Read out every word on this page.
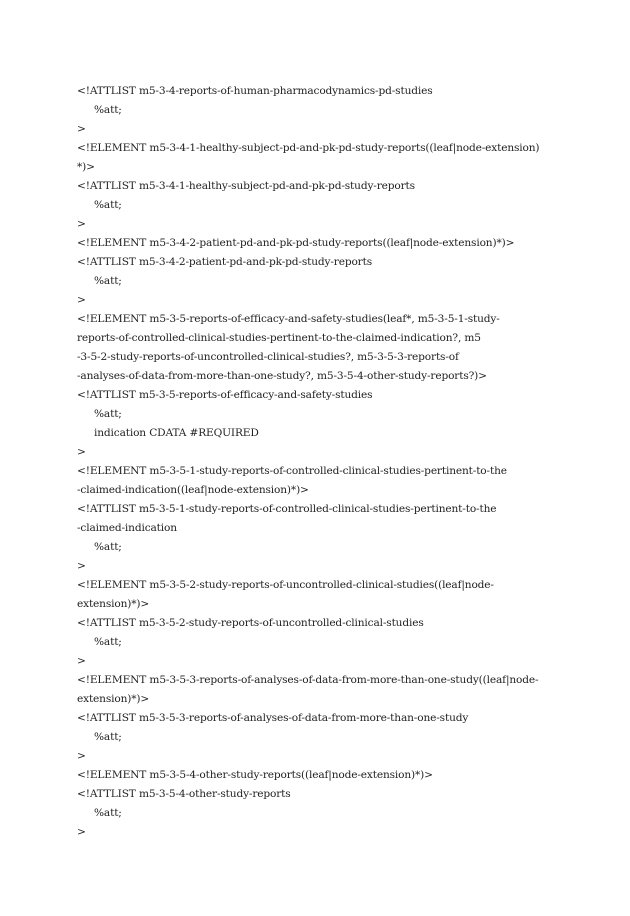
<!ATTLIST m5-3-4-reports-of-human-pharmacodynamics-pd-studies
%att;
>
<!ELEMENT m5-3-4-1-healthy-subject-pd-and-pk-pd-study-reports((leaf|node-extension)
*)>
<!ATTLIST m5-3-4-1-healthy-subject-pd-and-pk-pd-study-reports
%att;
>
<!ELEMENT m5-3-4-2-patient-pd-and-pk-pd-study-reports((leaf|node-extension)*)>
<!ATTLIST m5-3-4-2-patient-pd-and-pk-pd-study-reports
%att;
>
<!ELEMENT m5-3-5-reports-of-efficacy-and-safety-studies(leaf*, m5-3-5-1-study-
reports-of-controlled-clinical-studies-pertinent-to-the-claimed-indication?, m5
-3-5-2-study-reports-of-uncontrolled-clinical-studies?, m5-3-5-3-reports-of
-analyses-of-data-from-more-than-one-study?, m5-3-5-4-other-study-reports?)>
<!ATTLIST m5-3-5-reports-of-efficacy-and-safety-studies
%att;
indication CDATA #REQUIRED
>
<!ELEMENT m5-3-5-1-study-reports-of-controlled-clinical-studies-pertinent-to-the
-claimed-indication((leaf|node-extension)*)>
<!ATTLIST m5-3-5-1-study-reports-of-controlled-clinical-studies-pertinent-to-the
-claimed-indication
%att;
>
<!ELEMENT m5-3-5-2-study-reports-of-uncontrolled-clinical-studies((leaf|node-
extension)*)>
<!ATTLIST m5-3-5-2-study-reports-of-uncontrolled-clinical-studies
%att;
>
<!ELEMENT m5-3-5-3-reports-of-analyses-of-data-from-more-than-one-study((leaf|node-
extension)*)>
<!ATTLIST m5-3-5-3-reports-of-analyses-of-data-from-more-than-one-study
%att;
>
<!ELEMENT m5-3-5-4-other-study-reports((leaf|node-extension)*)>
<!ATTLIST m5-3-5-4-other-study-reports
%att;
>
